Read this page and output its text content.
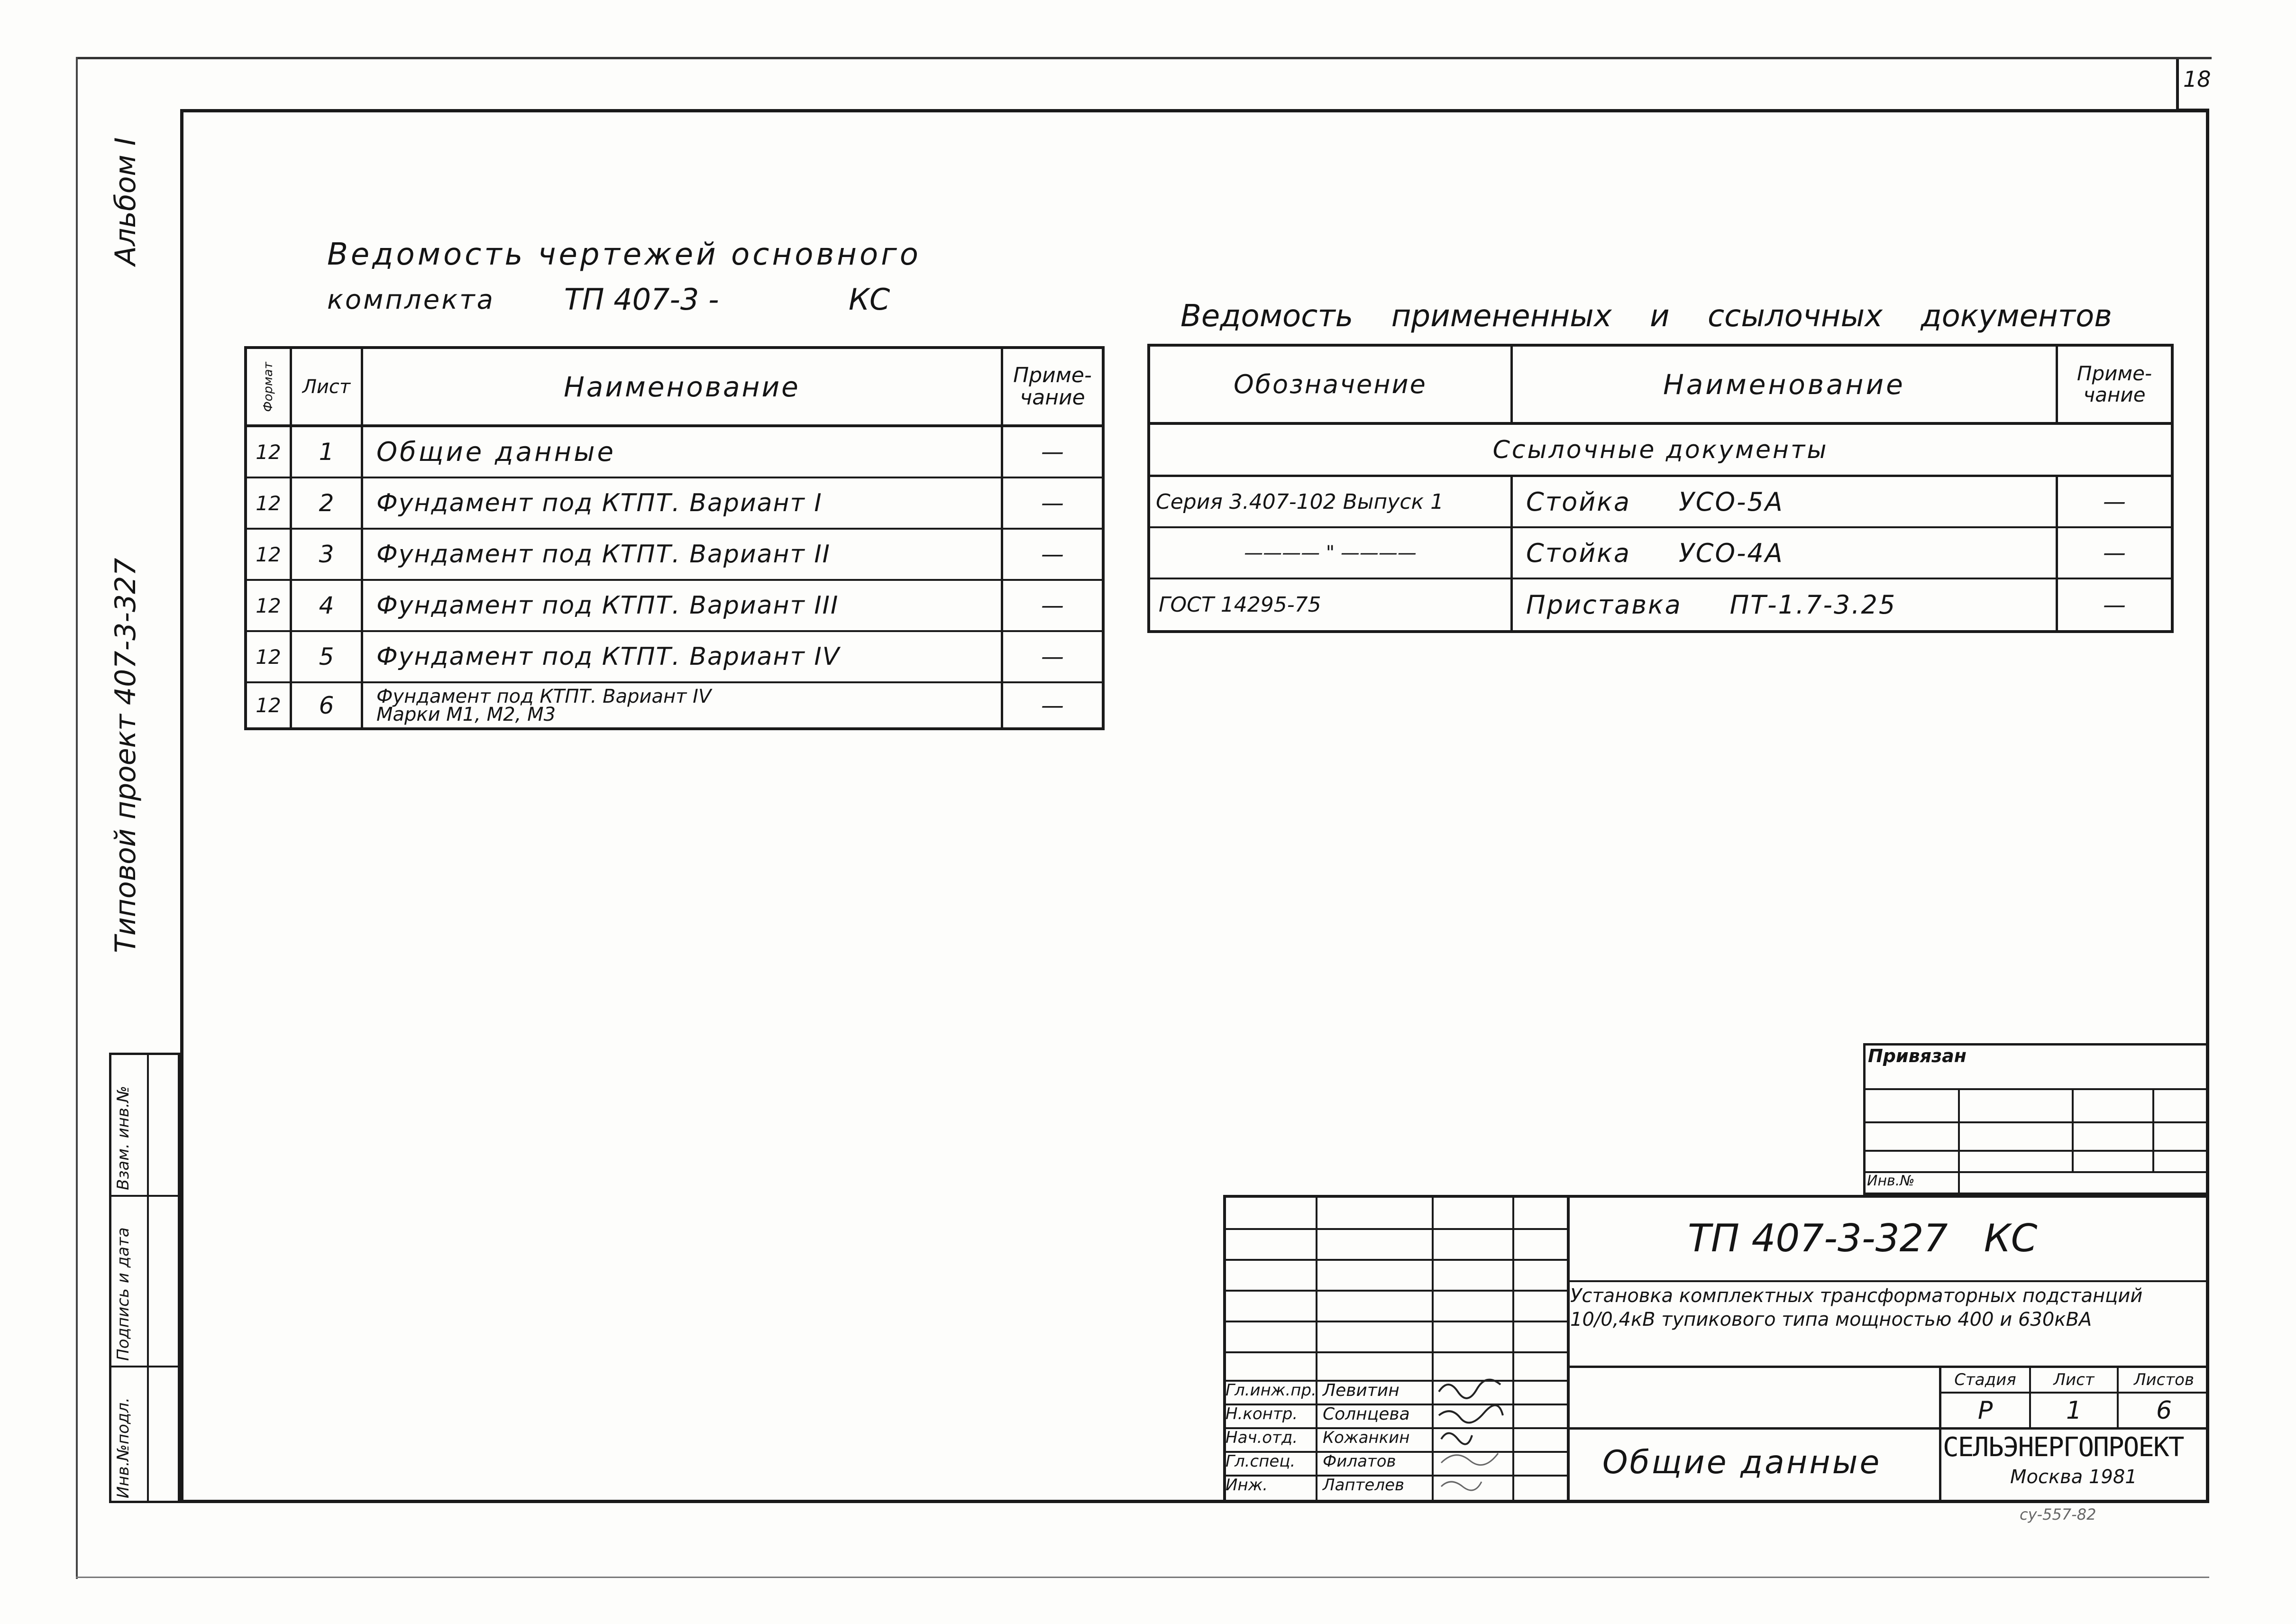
18
Альбом I
Типовой проект 407-3-327
Инв.№подл.
Подпись и дата
Взам. инв.№
Ведомость чертежей основного
комплекта ТП 407-3 -	КС
Формат	Лист	Наименование	Приме-
чание
12	1	Общие данные	—
12	2	Фундамент под КТПТ. Вариант I	—
12	3	Фундамент под КТПТ. Вариант II	—
12	4	Фундамент под КТПТ. Вариант III	—
12	5	Фундамент под КТПТ. Вариант IV	—
12	6	Фундамент под КТПТ. Вариант IV
Марки М1, М2, М3	—
Ведомость примененных и ссылочных документов
Обозначение	Наименование	Приме-
чание
Ссылочные документы
Серия 3.407-102 Выпуск 1	Стойка     УСО-5А	—
———— " ————	Стойка     УСО-4А	—
ГОСТ 14295-75	Приставка     ПТ-1.7-3.25	—
Привязан
Инв.№
Гл.инж.пр. Левитин
Н.контр. Солнцева
Нач.отд. Кожанкин
Гл.спец. Филатов
Инж.	Лаптелев
ТП 407-3-327   КС
Установка комплектных трансформаторных подстанций
10/0,4кВ тупикового типа мощностью 400 и 630кВА
Стадия	Лист	Листов
Р	1	6
Общие данные СЕЛЬЭНЕРГОПРОЕКТ
Москва 1981
су-557-82
